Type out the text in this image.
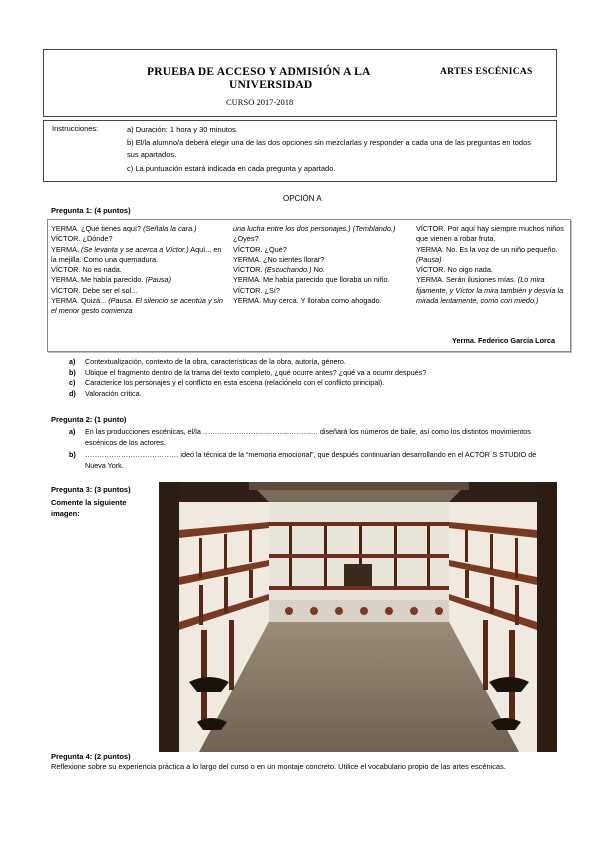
PRUEBA DE ACCESO Y ADMISIÓN A LA
UNIVERSIDAD
ARTES ESCÉNICAS
CURSO 2017-2018
Instrucciones:	a) Duración: 1 hora y 30 minutos.
b) El/la alumno/a deberá elegir una de las dos opciones sin mezclarlas y responder a cada una de las preguntas en todos sus apartados.
c) La puntuación estará indicada en cada pregunta y apartado.
OPCIÓN A
Pregunta 1: (4 puntos)
YERMA. ¿Qué tienes aquí? (Señala la cara.)
VÍCTOR. ¿Dónde?
YERMA. (Se levanta y se acerca a Víctor.) Aquí... en la mejilla. Como una quemadura.
VÍCTOR. No es nada.
YERMA. Me había parecido. (Pausa)
VÍCTOR. Debe ser el sol...
YERMA. Quizá... (Pausa. El silencio se acentúa y sin el menor gesto comienza
una lucha entre los dos personajes.) (Temblando.) ¿Oyes?
VÍCTOR. ¿Qué?
YERMA. ¿No sientes llorar?
VÍCTOR. (Escuchando.) No.
YERMA. Me había parecido que lloraba un niño.
VÍCTOR. ¿Sí?
YERMA. Muy cerca. Y lloraba como ahogado.
VÍCTOR. Por aquí hay siempre muchos niños que vienen a robar fruta.
YERMA. No. Es la voz de un niño pequeño. (Pausa)
VÍCTOR. No oigo nada.
YERMA. Serán ilusiones mías. (Lo mira fijamente, y Víctor la mira también y desvía la mirada lentamente, como con miedo.)
Yerma. Federico García Lorca
a)	Contextualización, contexto de la obra, características de la obra, autoría, género.
b)	Ubique el fragmento dentro de la trama del texto completo, ¿qué ocurre antes? ¿qué va a ocurrir después?
c)	Caracterice los personajes y el conflicto en esta escena (relaciónelo con el conflicto principal).
d)	Valoración crítica.
Pregunta 2: (1 punto)
a)	En las producciones escénicas, el/la ………………………………………… diseñará los números de baile, así como los distintos movimientos escénicos de los actores.
b)	………………………………… ideó la técnica de la “memoria emocional”, que después continuarían desarrollando en el ACTOR´S STUDIO de Nueva York.
Pregunta 3: (3 puntos)
Comente la siguiente imagen:
Pregunta 4: (2 puntos)
Reflexione sobre su experiencia práctica a lo largo del curso o en un montaje concreto. Utilice el vocabulario propio de las artes escénicas.
